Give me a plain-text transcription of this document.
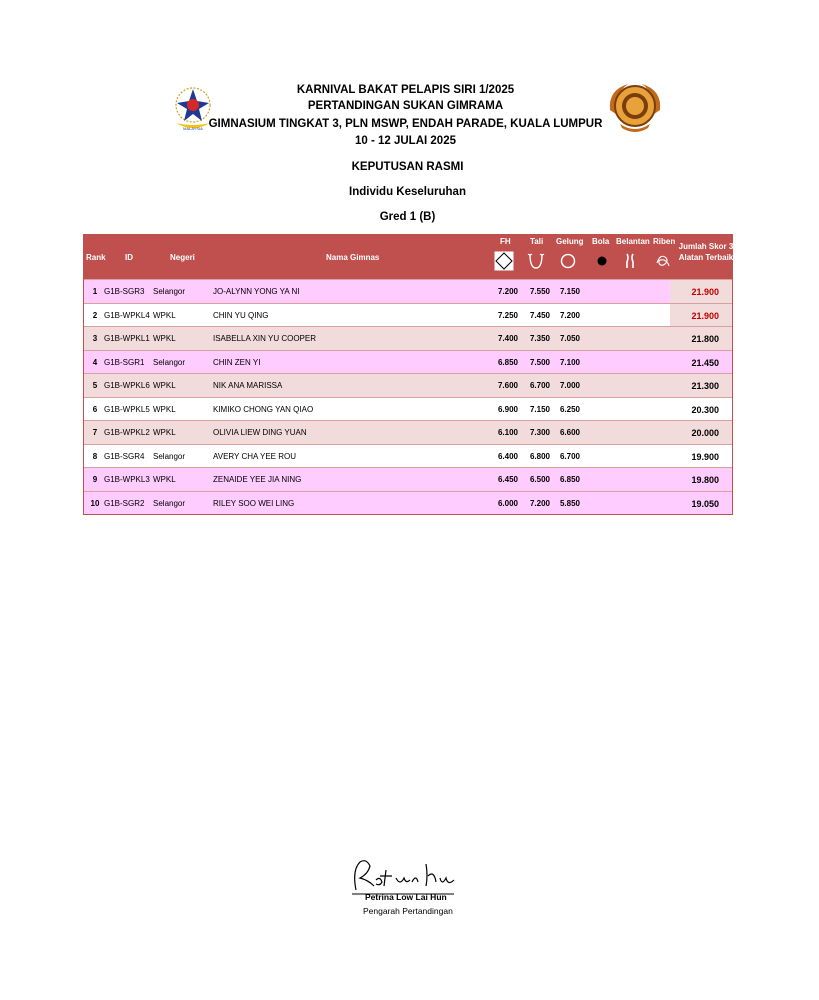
MALAYSIA
KARNIVAL BAKAT PELAPIS SIRI 1/2025
PERTANDINGAN SUKAN GIMRAMA
GIMNASIUM TINGKAT 3, PLN MSWP, ENDAH PARADE, KUALA LUMPUR
10 - 12 JULAI 2025
KEPUTUSAN RASMI
Individu Keseluruhan
Gred 1 (B)
Rank ID	Negeri	Nama Gimnas
FH Tali Gelung Bola Belantan Riben
Jumlah Skor 3 Alatan Terbaik
1 G1B-SGR3 Selangor	JO-ALYNN YONG YA NI	7.200	7.550	7.150	21.900
2 G1B-WPKL4 WPKL	CHIN YU QING	7.250	7.450	7.200	21.900
3 G1B-WPKL1 WPKL	ISABELLA XIN YU COOPER	7.400	7.350	7.050	21.800
4 G1B-SGR1 Selangor	CHIN ZEN YI	6.850	7.500	7.100	21.450
5 G1B-WPKL6 WPKL	NIK ANA MARISSA	7.600	6.700	7.000	21.300
6 G1B-WPKL5 WPKL	KIMIKO CHONG YAN QIAO	6.900	7.150	6.250	20.300
7 G1B-WPKL2 WPKL	OLIVIA LIEW DING YUAN	6.100	7.300	6.600	20.000
8 G1B-SGR4 Selangor	AVERY CHA YEE ROU	6.400	6.800	6.700	19.900
9 G1B-WPKL3 WPKL	ZENAIDE YEE JIA NING	6.450	6.500	6.850	19.800
10 G1B-SGR2 Selangor	RILEY SOO WEI LING	6.000	7.200	5.850	19.050
Petrina Low Lai Hun
Pengarah Pertandingan
